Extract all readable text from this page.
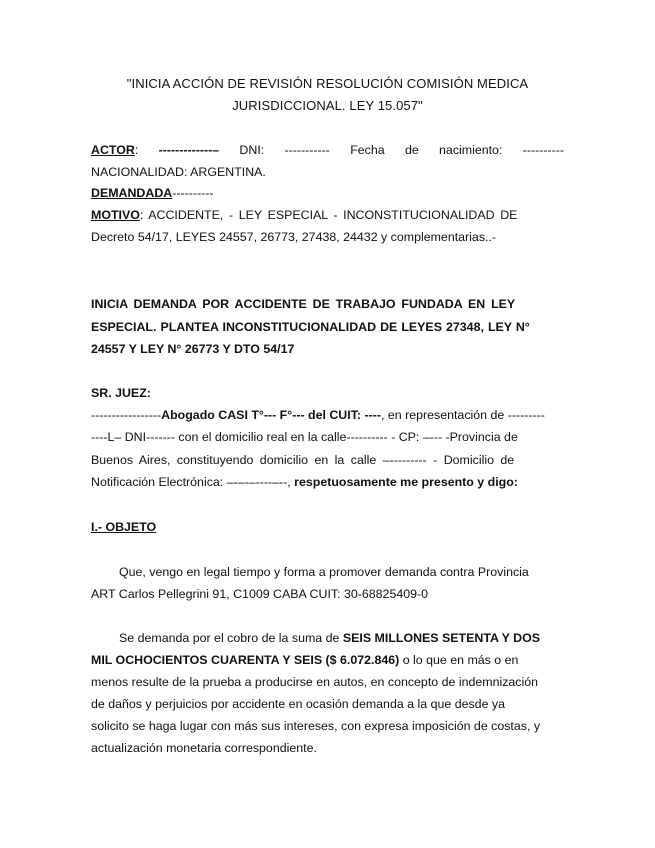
"INICIA ACCIÓN DE REVISIÓN RESOLUCIÓN COMISIÓN MEDICA
JURISDICCIONAL. LEY 15.057"
ACTOR: -------------– DNI: ----------- Fecha de nacimiento: ----------
NACIONALIDAD: ARGENTINA.
DEMANDADA----------
MOTIVO: ACCIDENTE, - LEY ESPECIAL - INCONSTITUCIONALIDAD DE
Decreto 54/17, LEYES 24557, 26773, 27438, 24432 y complementarias..-
INICIA DEMANDA POR ACCIDENTE DE TRABAJO FUNDADA EN LEY
ESPECIAL. PLANTEA INCONSTITUCIONALIDAD DE LEYES 27348, LEY N°
24557 Y LEY N° 26773 Y DTO 54/17
SR. JUEZ:
-----------------Abogado CASI T°--- F°--- del CUIT: ----, en representación de ---------
----L– DNI------- con el domicilio real en la calle---------- - CP: –--- -Provincia de
Buenos Aires, constituyendo domicilio en la calle –--------- - Domicilio de
Notificación Electrónica: –-–-–----–--, respetuosamente me presento y digo:
I.- OBJETO
Que, vengo en legal tiempo y forma a promover demanda contra Provincia
ART Carlos Pellegrini 91, C1009 CABA CUIT: 30-68825409-0
Se demanda por el cobro de la suma de SEIS MILLONES SETENTA Y DOS
MIL OCHOCIENTOS CUARENTA Y SEIS ($ 6.072.846) o lo que en más o en
menos resulte de la prueba a producirse en autos, en concepto de indemnización
de daños y perjuicios por accidente en ocasión demanda a la que desde ya
solicito se haga lugar con más sus intereses, con expresa imposición de costas, y
actualización monetaria correspondiente.
